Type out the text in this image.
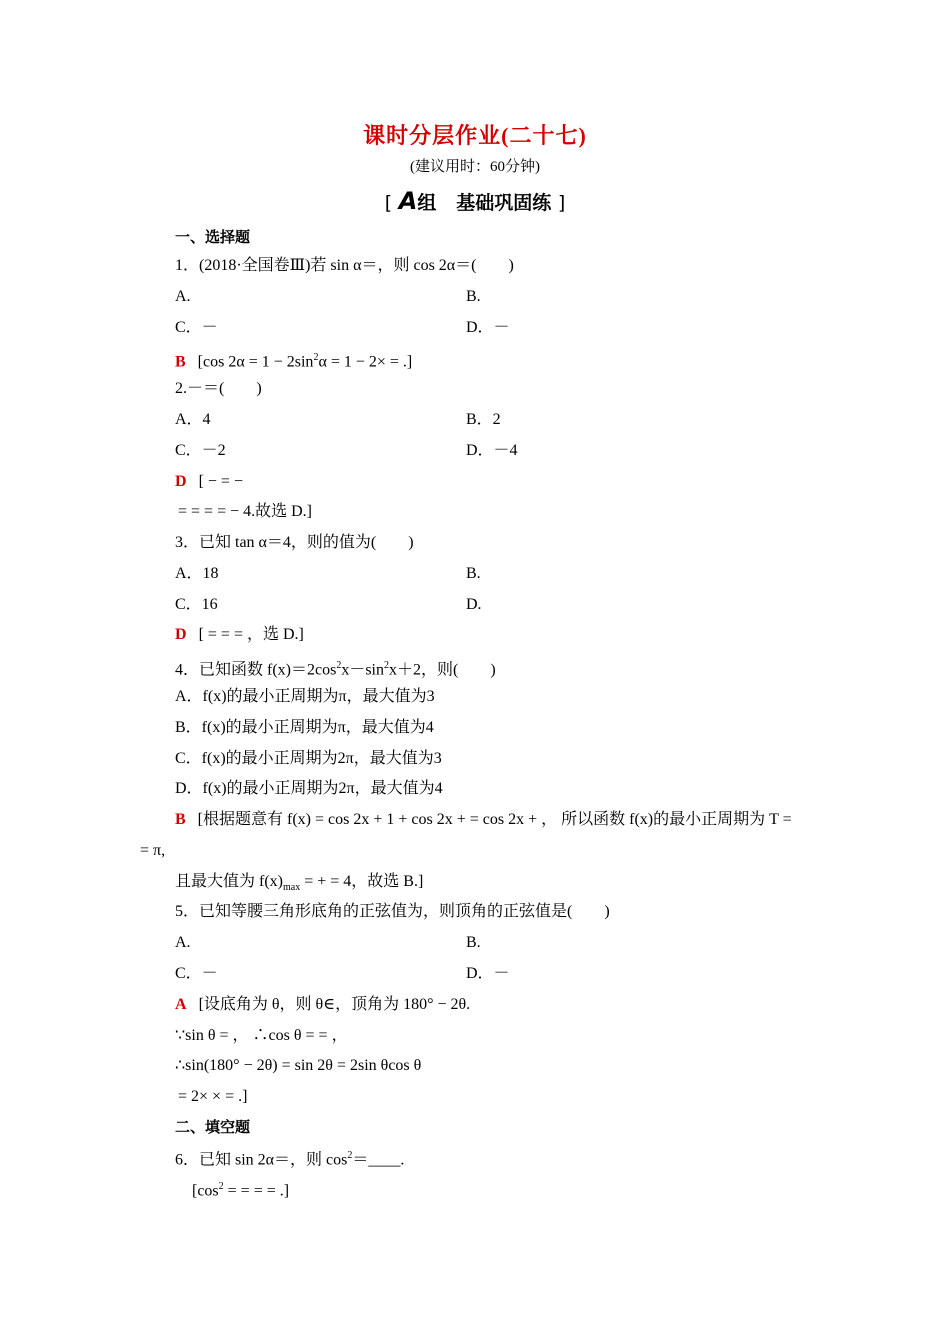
课时分层作业(二十七)
(建议用时：60分钟)
[ A组 基础巩固练 ]
一、选择题
1．(2018·全国卷Ⅲ)若 sin α＝，则 cos 2α＝(　　)
A.	B.
C．－	D．－
B [cos $2\alpha = 1 - 2\sin^2\alpha = 1 - 2\times$ = .]
2.－＝(　　)
A．4	B．2
C．－2	D．－4
D [ − = −
= = = = − 4.故选 D.]
3．已知 tan α＝4，则的值为(　　)
A．18	B.
C．16	D.
D [ = = = ，选 D.]
4．已知函数 $f(x)=2\cos^2x-\sin^2x+2$，则(　　)
A．f(x)的最小正周期为π，最大值为3
B．f(x)的最小正周期为π，最大值为4
C．f(x)的最小正周期为2π，最大值为3
D．f(x)的最小正周期为2π，最大值为4
B [根据题意有 f(x) = cos 2x + 1 + cos 2x + = cos 2x + ， 所以函数 f(x)的最小正周期为 T =
= π,
且最大值为 $f(x)_{max}$ = + = 4，故选 B.]
5．已知等腰三角形底角的正弦值为，则顶角的正弦值是(　　)
A.	B.
C．－	D．－
A [设底角为 θ，则 θ∈，顶角为 180° − 2θ.
∵sin θ = ， ∴cos θ = = ，
∴sin(180° − 2θ) = sin 2θ = 2sin θcos θ
= 2× × = .]
二、填空题
6．已知 sin 2α＝，则 $\cos^2=\_\_\_\_$.
[$\cos^2$ = = = = .]
